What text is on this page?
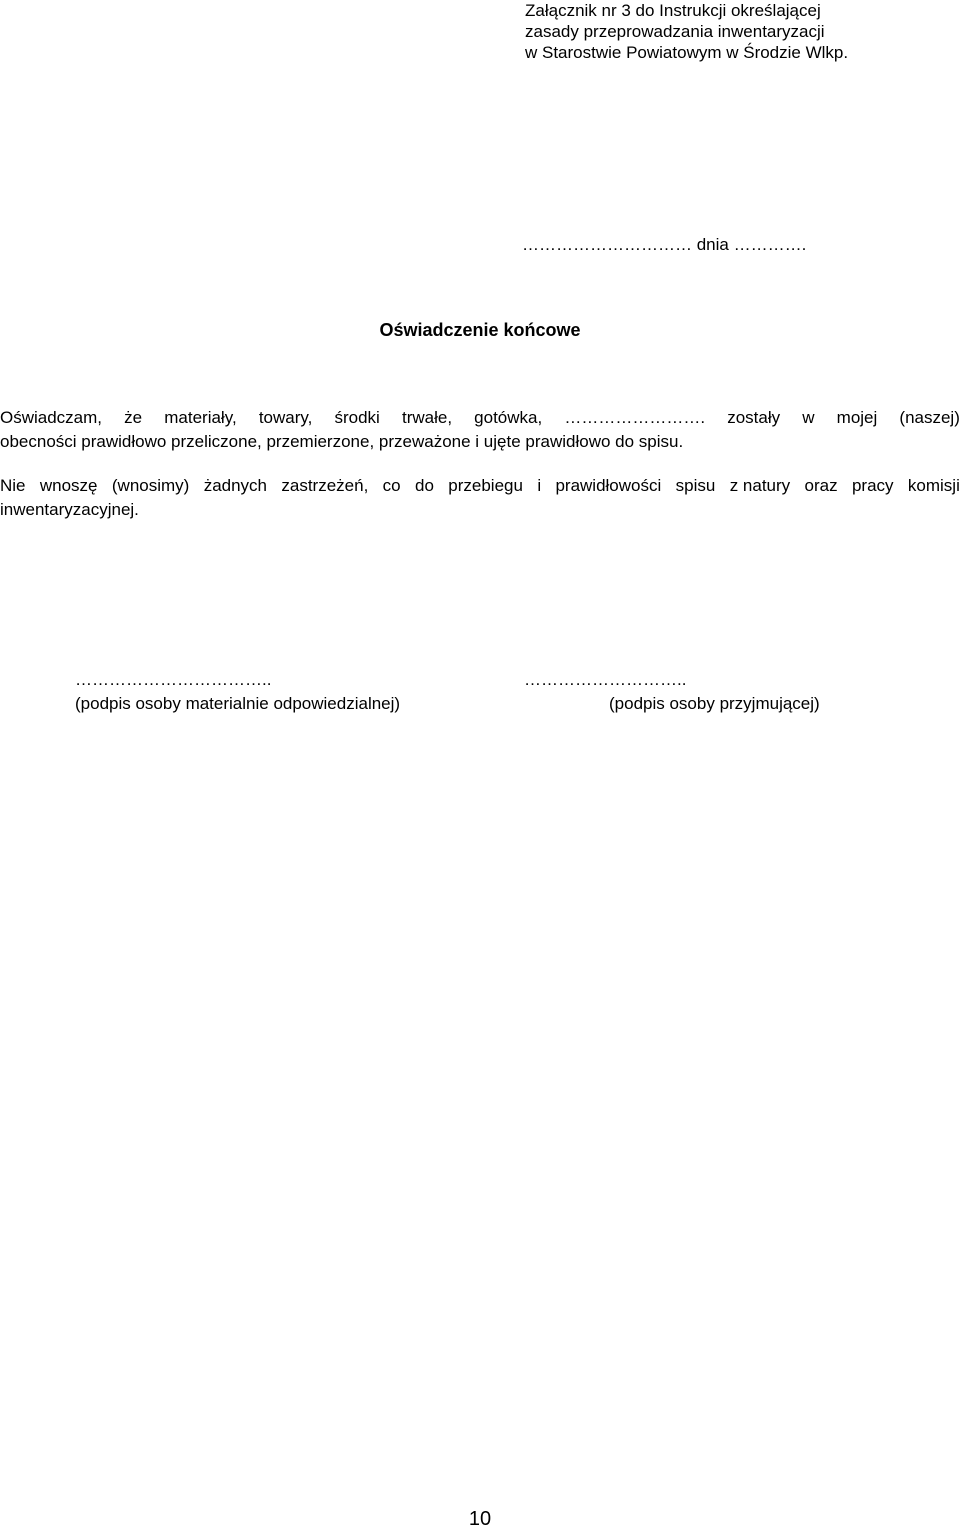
Załącznik nr 3 do Instrukcji określającej
zasady przeprowadzania inwentaryzacji
w Starostwie Powiatowym w Środzie Wlkp.
………………………… dnia ………….
Oświadczenie końcowe
Oświadczam, że materiały, towary, środki trwałe, gotówka, ……………………. zostały w mojej (naszej)
obecności prawidłowo przeliczone, przemierzone, przeważone i ujęte prawidłowo do spisu.
Nie wnoszę (wnosimy) żadnych zastrzeżeń, co do przebiegu i prawidłowości spisu z natury oraz pracy komisji
inwentaryzacyjnej.
……………………………..
(podpis osoby materialnie odpowiedzialnej)
………………………..
(podpis osoby przyjmującej)
10
